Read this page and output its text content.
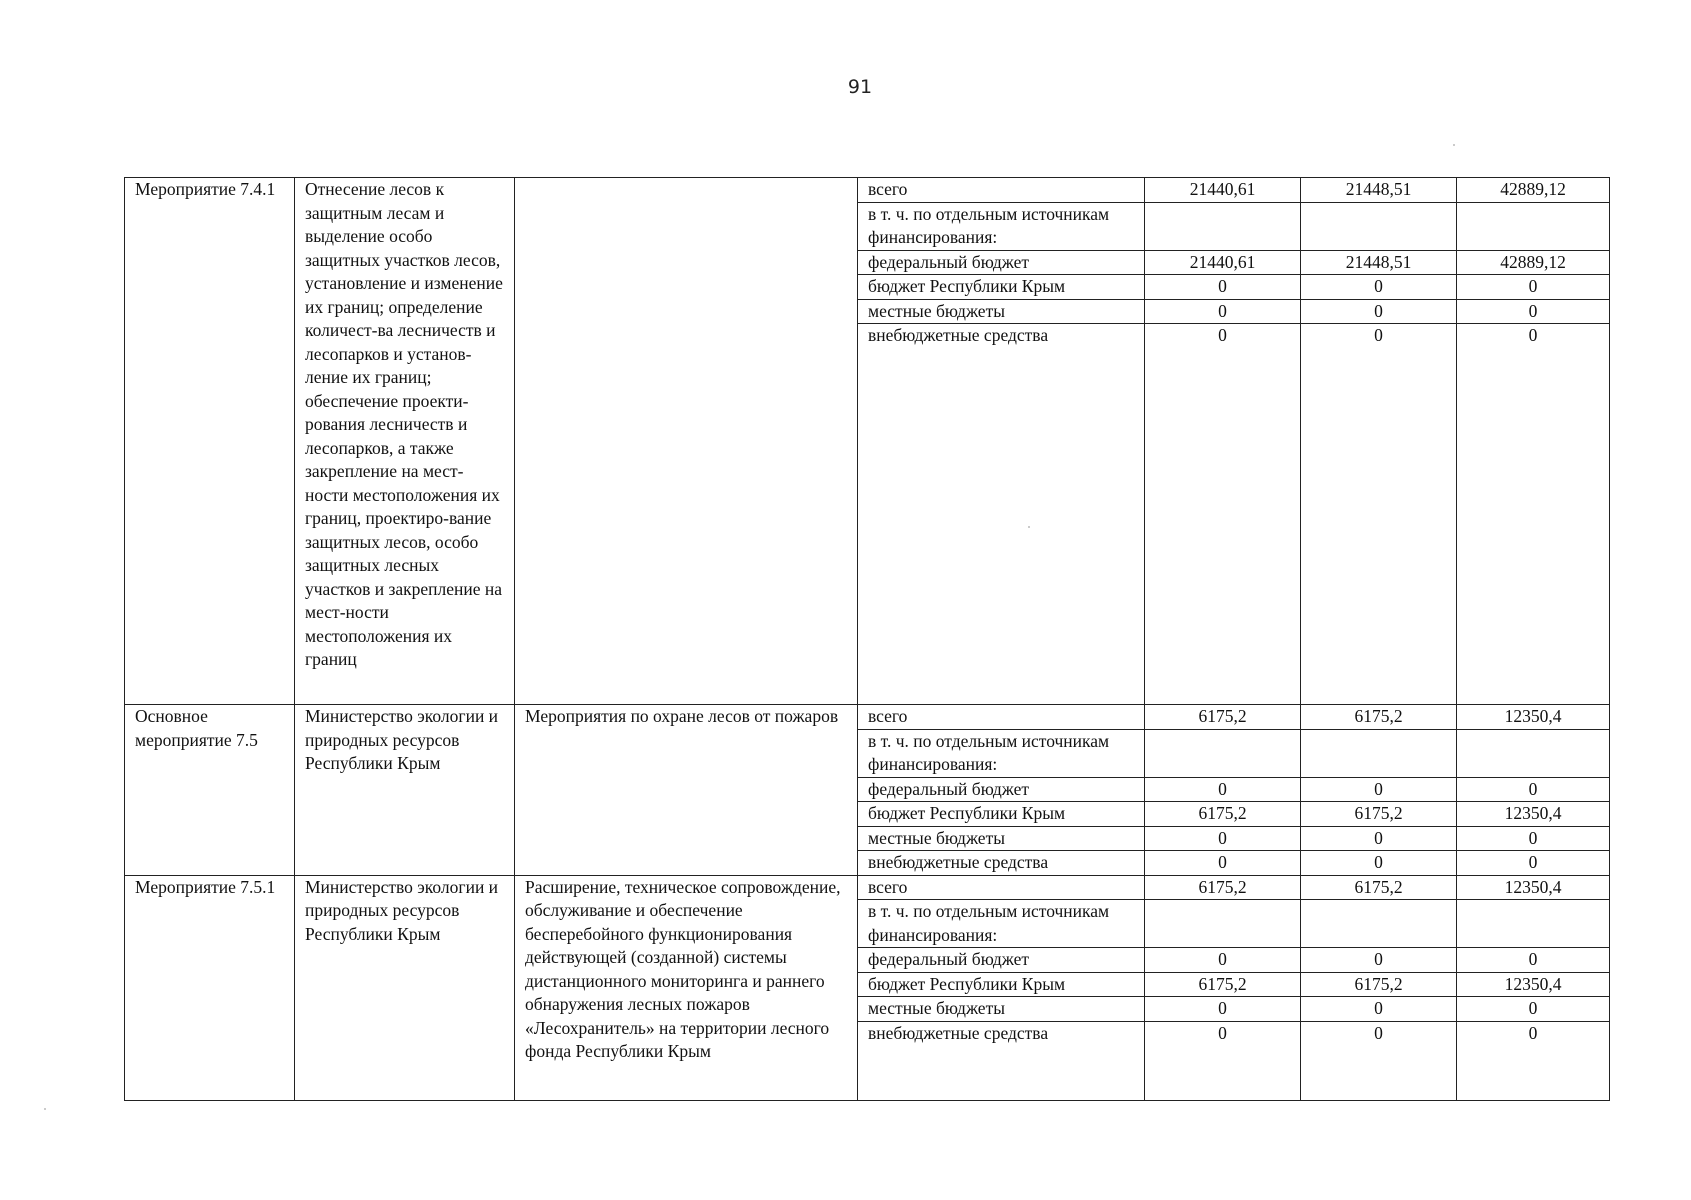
91
Мероприятие 7.4.1	Отнесение лесов к защитным лесам и выделение особо защитных участков лесов, установление и изменение их границ; определение количест-ва лесничеств и лесопарков и установ-ление их границ; обеспечение проекти-рования лесничеств и лесопарков, а также закрепление на мест-ности местоположения их границ, проектиро-вание защитных лесов, особо защитных лесных участков и закрепление на мест-ности местоположения их границ		всего	21440,61	21448,51	42889,12
			в т. ч. по отдельным источникам финансирования:			
			федеральный бюджет	21440,61	21448,51	42889,12
			бюджет Республики Крым	0	0	0
			местные бюджеты	0	0	0
			внебюджетные средства	0	0	0
Основное мероприятие 7.5	Министерство экологии и природных ресурсов Республики Крым	Мероприятия по охране лесов от пожаров	всего	6175,2	6175,2	12350,4
			в т. ч. по отдельным источникам финансирования:			
			федеральный бюджет	0	0	0
			бюджет Республики Крым	6175,2	6175,2	12350,4
			местные бюджеты	0	0	0
			внебюджетные средства	0	0	0
Мероприятие 7.5.1	Министерство экологии и природных ресурсов Республики Крым	Расширение, техническое сопровождение, обслуживание и обеспечение бесперебойного функционирования действующей (созданной) системы дистанционного мониторинга и раннего обнаружения лесных пожаров «Лесохранитель» на территории лесного фонда Республики Крым	всего	6175,2	6175,2	12350,4
			в т. ч. по отдельным источникам финансирования:			
			федеральный бюджет	0	0	0
			бюджет Республики Крым	6175,2	6175,2	12350,4
			местные бюджеты	0	0	0
			внебюджетные средства	0	0	0
